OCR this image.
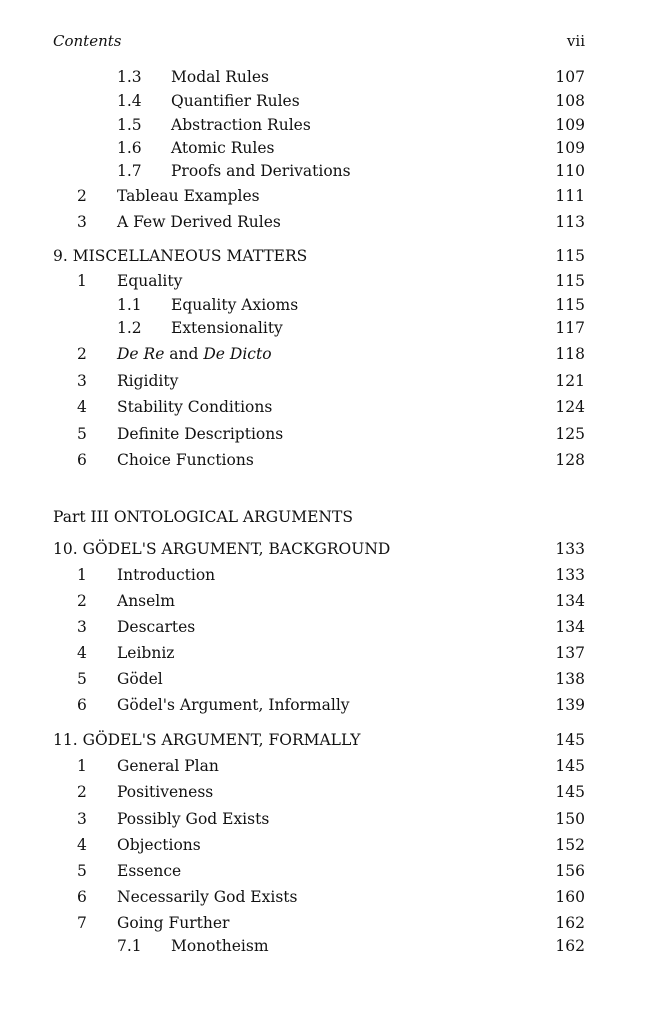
Contents	vii
1.3 Modal Rules	107
1.4 Quantifier Rules	108
1.5 Abstraction Rules	109
1.6 Atomic Rules	109
1.7 Proofs and Derivations	110
2 Tableau Examples	111
3 A Few Derived Rules	113
9. MISCELLANEOUS MATTERS	115
1 Equality	115
1.1 Equality Axioms	115
1.2 Extensionality	117
2 De Re and De Dicto	118
3 Rigidity	121
4 Stability Conditions	124
5 Definite Descriptions	125
6 Choice Functions	128
Part III ONTOLOGICAL ARGUMENTS
10. GÖDEL'S ARGUMENT, BACKGROUND	133
1 Introduction	133
2 Anselm	134
3 Descartes	134
4 Leibniz	137
5 Gödel	138
6 Gödel's Argument, Informally	139
11. GÖDEL'S ARGUMENT, FORMALLY	145
1 General Plan	145
2 Positiveness	145
3 Possibly God Exists	150
4 Objections	152
5 Essence	156
6 Necessarily God Exists	160
7 Going Further	162
7.1 Monotheism	162
